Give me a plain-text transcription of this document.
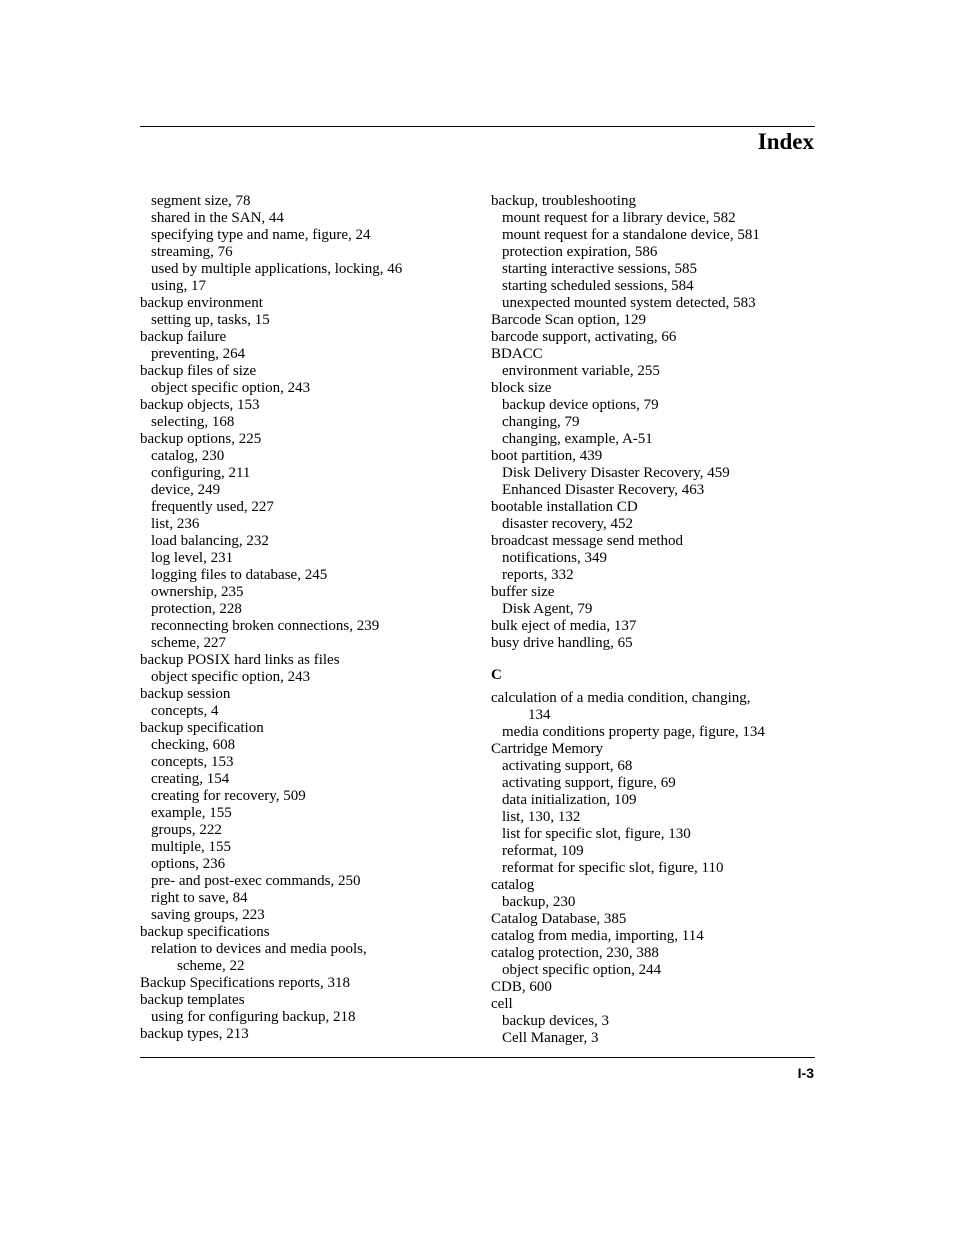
Index
segment size, 78
shared in the SAN, 44
specifying type and name, figure, 24
streaming, 76
used by multiple applications, locking, 46
using, 17
backup environment
setting up, tasks, 15
backup failure
preventing, 264
backup files of size
object specific option, 243
backup objects, 153
selecting, 168
backup options, 225
catalog, 230
configuring, 211
device, 249
frequently used, 227
list, 236
load balancing, 232
log level, 231
logging files to database, 245
ownership, 235
protection, 228
reconnecting broken connections, 239
scheme, 227
backup POSIX hard links as files
object specific option, 243
backup session
concepts, 4
backup specification
checking, 608
concepts, 153
creating, 154
creating for recovery, 509
example, 155
groups, 222
multiple, 155
options, 236
pre- and post-exec commands, 250
right to save, 84
saving groups, 223
backup specifications
relation to devices and media pools,
scheme, 22
Backup Specifications reports, 318
backup templates
using for configuring backup, 218
backup types, 213
backup, troubleshooting
mount request for a library device, 582
mount request for a standalone device, 581
protection expiration, 586
starting interactive sessions, 585
starting scheduled sessions, 584
unexpected mounted system detected, 583
Barcode Scan option, 129
barcode support, activating, 66
BDACC
environment variable, 255
block size
backup device options, 79
changing, 79
changing, example, A-51
boot partition, 439
Disk Delivery Disaster Recovery, 459
Enhanced Disaster Recovery, 463
bootable installation CD
disaster recovery, 452
broadcast message send method
notifications, 349
reports, 332
buffer size
Disk Agent, 79
bulk eject of media, 137
busy drive handling, 65
C
calculation of a media condition, changing,
134
media conditions property page, figure, 134
Cartridge Memory
activating support, 68
activating support, figure, 69
data initialization, 109
list, 130, 132
list for specific slot, figure, 130
reformat, 109
reformat for specific slot, figure, 110
catalog
backup, 230
Catalog Database, 385
catalog from media, importing, 114
catalog protection, 230, 388
object specific option, 244
CDB, 600
cell
backup devices, 3
Cell Manager, 3
I-3
